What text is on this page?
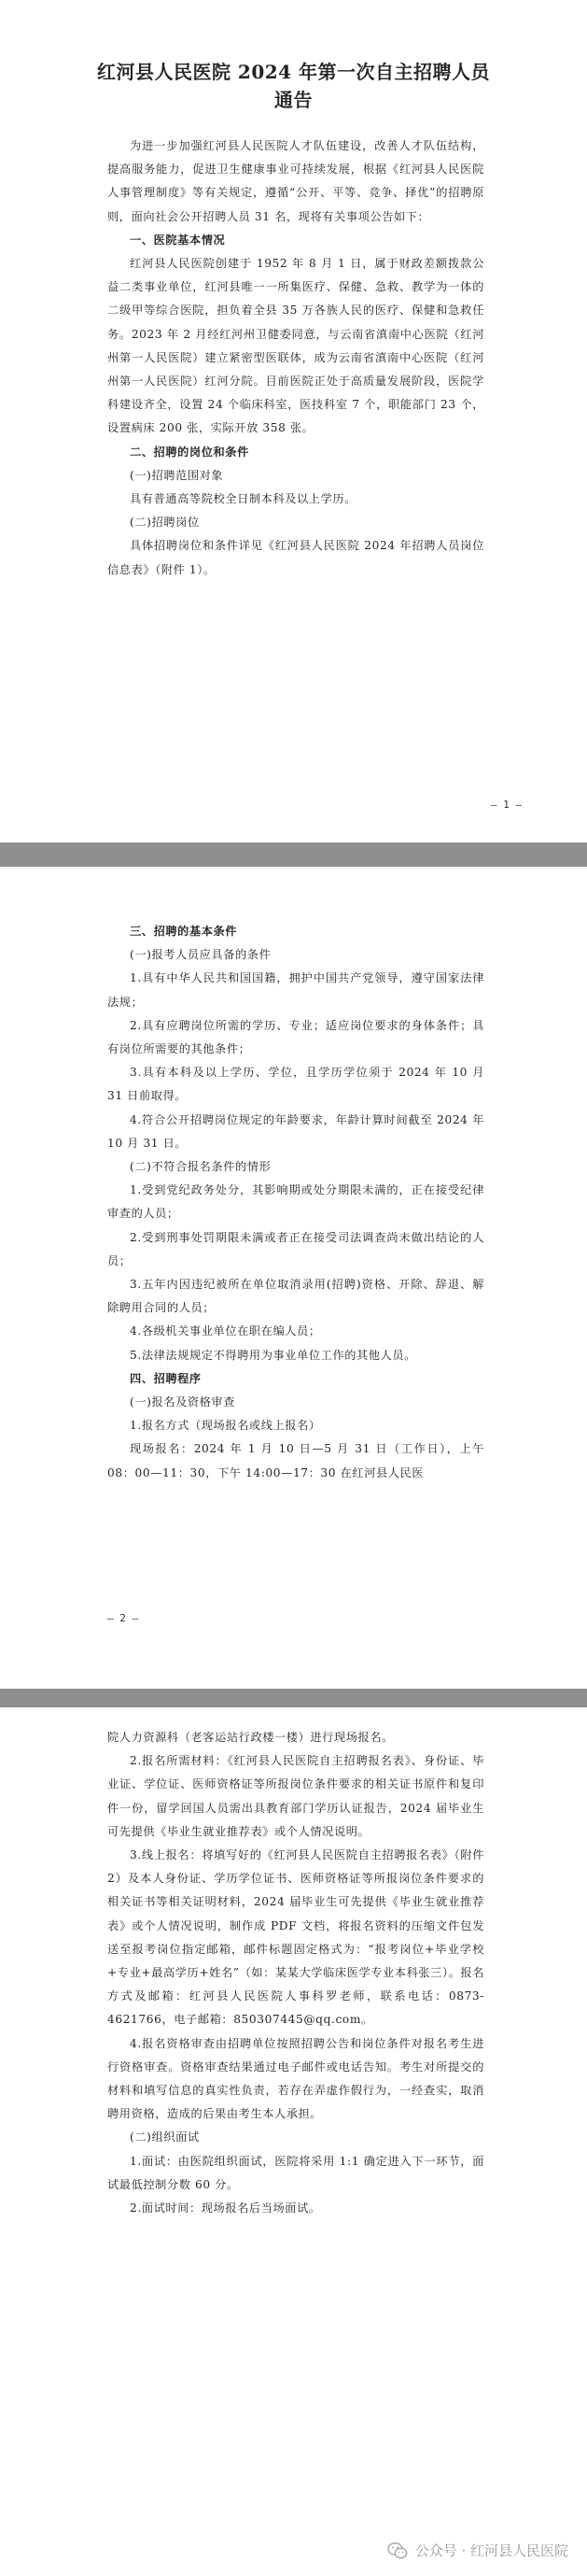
红河县人民医院 2024 年第一次自主招聘人员通告

为进一步加强红河县人民医院人才队伍建设，改善人才队伍结构，提高服务能力，促进卫生健康事业可持续发展，根据《红河县人民医院人事管理制度》等有关规定，遵循“公开、平等、竞争、择优”的招聘原则，面向社会公开招聘人员 31 名，现将有关事项公告如下：

一、医院基本情况

红河县人民医院创建于 1952 年 8 月 1 日，属于财政差额拨款公益二类事业单位，红河县唯一一所集医疗、保健、急救、教学为一体的二级甲等综合医院，担负着全县 35 万各族人民的医疗、保健和急救任务。2023 年 2 月经红河州卫健委同意，与云南省滇南中心医院（红河州第一人民医院）建立紧密型医联体，成为云南省滇南中心医院（红河州第一人民医院）红河分院。目前医院正处于高质量发展阶段，医院学科建设齐全，设置 24 个临床科室，医技科室 7 个，职能部门 23 个，设置病床 200 张，实际开放 358 张。

二、招聘的岗位和条件

(一)招聘范围对象

具有普通高等院校全日制本科及以上学历。

(二)招聘岗位

具体招聘岗位和条件详见《红河县人民医院 2024 年招聘人员岗位信息表》（附件 1）。

— 1 —

三、招聘的基本条件

(一)报考人员应具备的条件

1.具有中华人民共和国国籍，拥护中国共产党领导，遵守国家法律法规；

2.具有应聘岗位所需的学历、专业；适应岗位要求的身体条件；具有岗位所需要的其他条件；

3.具有本科及以上学历、学位，且学历学位须于 2024 年 10 月 31 日前取得。

4.符合公开招聘岗位规定的年龄要求，年龄计算时间截至 2024 年 10 月 31 日。

(二)不符合报名条件的情形

1.受到党纪政务处分，其影响期或处分期限未满的，正在接受纪律审查的人员；

2.受到刑事处罚期限未满或者正在接受司法调查尚未做出结论的人员；

3.五年内因违纪被所在单位取消录用(招聘)资格、开除、辞退、解除聘用合同的人员；

4.各级机关事业单位在职在编人员；

5.法律法规规定不得聘用为事业单位工作的其他人员。

四、招聘程序

(一)报名及资格审查

1.报名方式（现场报名或线上报名）

现场报名：2024 年 1 月 10 日—5 月 31 日（工作日），上午 08：00—11：30，下午 14:00—17：30 在红河县人民医

— 2 —

院人力资源科（老客运站行政楼一楼）进行现场报名。

2.报名所需材料：《红河县人民医院自主招聘报名表》、身份证、毕业证、学位证、医师资格证等所报岗位条件要求的相关证书原件和复印件一份，留学回国人员需出具教育部门学历认证报告，2024 届毕业生可先提供《毕业生就业推荐表》或个人情况说明。

3.线上报名：将填写好的《红河县人民医院自主招聘报名表》（附件 2）及本人身份证、学历学位证书、医师资格证等所报岗位条件要求的相关证书等相关证明材料，2024 届毕业生可先提供《毕业生就业推荐表》或个人情况说明，制作成 PDF 文档，将报名资料的压缩文件包发送至报考岗位指定邮箱，邮件标题固定格式为：“报考岗位+毕业学校+专业+最高学历+姓名”（如：某某大学临床医学专业本科张三）。报名方式及邮箱：红河县人民医院人事科罗老师，联系电话：0873-4621766，电子邮箱：850307445@qq.com。

4.报名资格审查由招聘单位按照招聘公告和岗位条件对报名考生进行资格审查。资格审查结果通过电子邮件或电话告知。考生对所提交的材料和填写信息的真实性负责，若存在弄虚作假行为，一经查实，取消聘用资格，造成的后果由考生本人承担。

(二)组织面试

1.面试：由医院组织面试，医院将采用 1:1 确定进入下一环节，面试最低控制分数 60 分。

2.面试时间：现场报名后当场面试。

公众号 · 红河县人民医院
